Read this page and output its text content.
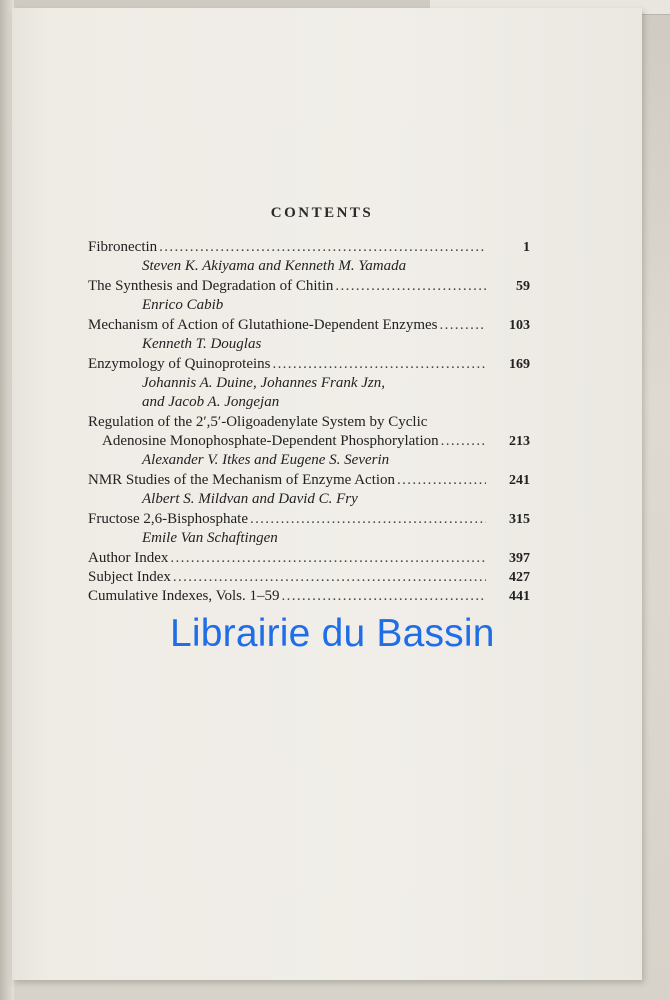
CONTENTS
Fibronectin . . .	1
Steven K. Akiyama and Kenneth M. Yamada
The Synthesis and Degradation of Chitin . . .	59
Enrico Cabib
Mechanism of Action of Glutathione-Dependent Enzymes . . .	103
Kenneth T. Douglas
Enzymology of Quinoproteins . . .	169
Johannis A. Duine, Johannes Frank Jzn,
and Jacob A. Jongejan
Regulation of the 2′,5′-Oligoadenylate System by Cyclic
Adenosine Monophosphate-Dependent Phosphorylation . . .	213
Alexander V. Itkes and Eugene S. Severin
NMR Studies of the Mechanism of Enzyme Action . . .	241
Albert S. Mildvan and David C. Fry
Fructose 2,6-Bisphosphate . . .	315
Emile Van Schaftingen
Author Index . . .	397
Subject Index . . .	427
Cumulative Indexes, Vols. 1–59 . . .	441
Librairie du Bassin
